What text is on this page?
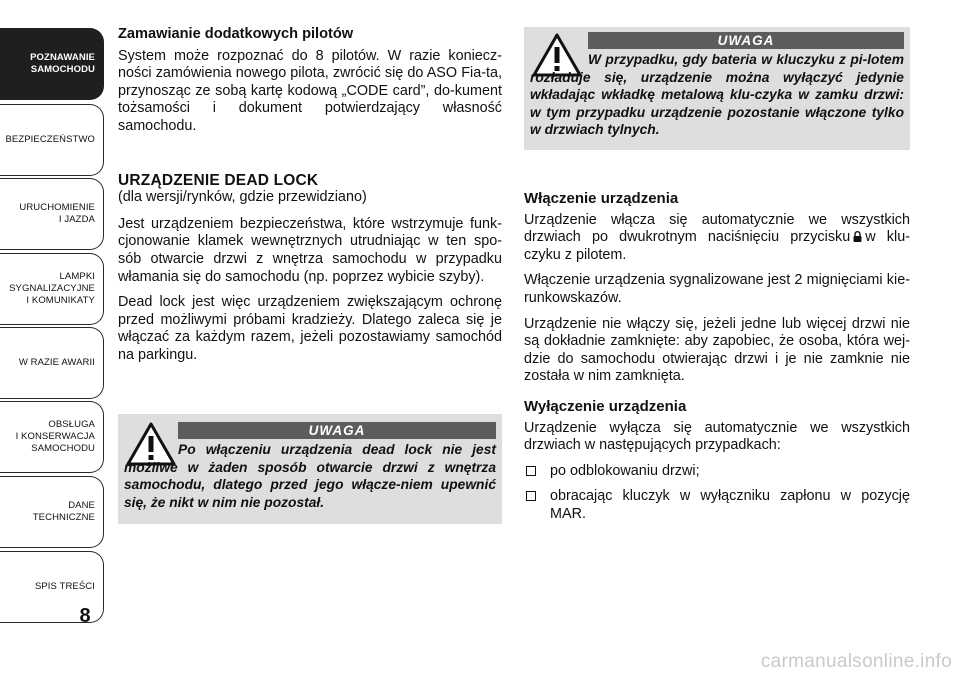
POZNAWANIE
SAMOCHODU
BEZPIECZEŃSTWO
URUCHOMIENIE
I JAZDA
LAMPKI
SYGNALIZACYJNE
I KOMUNIKATY
W RAZIE AWARII
OBSŁUGA
I KONSERWACJA
SAMOCHODU
DANE
TECHNICZNE
SPIS TREŚCI
8
Zamawianie dodatkowych pilotów
System może rozpoznać do 8 pilotów. W razie koniecz-ności zamówienia nowego pilota, zwrócić się do ASO Fia-ta, przynosząc ze sobą kartę kodową „CODE card”, do-kument tożsamości i dokument potwierdzający własność samochodu.
URZĄDZENIE DEAD LOCK
(dla wersji/rynków, gdzie przewidziano)
Jest urządzeniem bezpieczeństwa, które wstrzymuje funk-cjonowanie klamek wewnętrznych utrudniając w ten spo-sób otwarcie drzwi z wnętrza samochodu w przypadku włamania się do samochodu (np. poprzez wybicie szyby).
Dead lock jest więc urządzeniem zwiększającym ochronę przed możliwymi próbami kradzieży. Dlatego zaleca się je włączać za każdym razem, jeżeli pozostawiamy samochód na parkingu.
UWAGA
Po włączeniu urządzenia dead lock nie jest możliwe w żaden sposób otwarcie drzwi z wnętrza samochodu, dlatego przed jego włącze-niem upewnić się, że nikt w nim nie pozostał.
UWAGA
W przypadku, gdy bateria w kluczyku z pi-lotem rozładuje się, urządzenie można wyłączyć jedynie wkładając wkładkę metalową klu-czyka w zamku drzwi: w tym przypadku urządzenie pozostanie włączone tylko w drzwiach tylnych.
Włączenie urządzenia
Urządzenie włącza się automatycznie we wszystkich drzwiach po dwukrotnym naciśnięciu przycisku w klu-czyku z pilotem.
Włączenie urządzenia sygnalizowane jest 2 mignięciami kie-runkowskazów.
Urządzenie nie włączy się, jeżeli jedne lub więcej drzwi nie są dokładnie zamknięte: aby zapobiec, że osoba, która wej-dzie do samochodu otwierając drzwi i je nie zamknie nie została w nim zamknięta.
Wyłączenie urządzenia
Urządzenie wyłącza się automatycznie we wszystkich drzwiach w następujących przypadkach:
po odblokowaniu drzwi;
obracając kluczyk w wyłączniku zapłonu w pozycję MAR.
carmanualsonline.info
